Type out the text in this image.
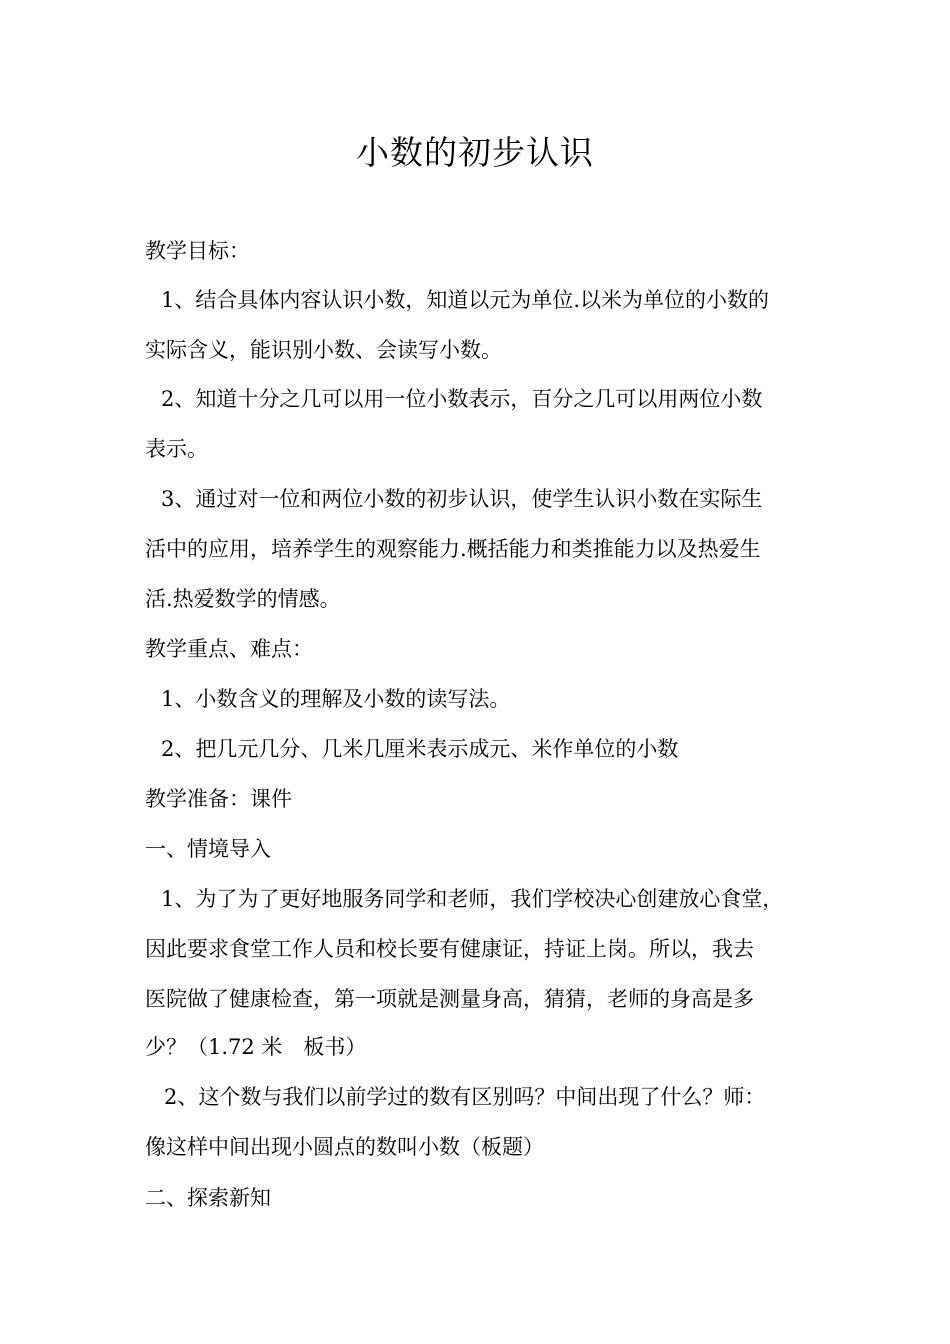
小数的初步认识
教学目标：
1、结合具体内容认识小数，知道以元为单位.以米为单位的小数的
实际含义，能识别小数、会读写小数。
2、知道十分之几可以用一位小数表示，百分之几可以用两位小数
表示。
3、通过对一位和两位小数的初步认识，使学生认识小数在实际生
活中的应用，培养学生的观察能力.概括能力和类推能力以及热爱生
活.热爱数学的情感。
教学重点、难点：
1、小数含义的理解及小数的读写法。
2、把几元几分、几米几厘米表示成元、米作单位的小数
教学准备：课件
一、情境导入
1、为了为了更好地服务同学和老师，我们学校决心创建放心食堂，
因此要求食堂工作人员和校长要有健康证，持证上岗。所以，我去
医院做了健康检查，第一项就是测量身高，猜猜，老师的身高是多
少？（1.72 米　板书）
2、这个数与我们以前学过的数有区别吗？中间出现了什么？师：
像这样中间出现小圆点的数叫小数（板题）
二、探索新知
